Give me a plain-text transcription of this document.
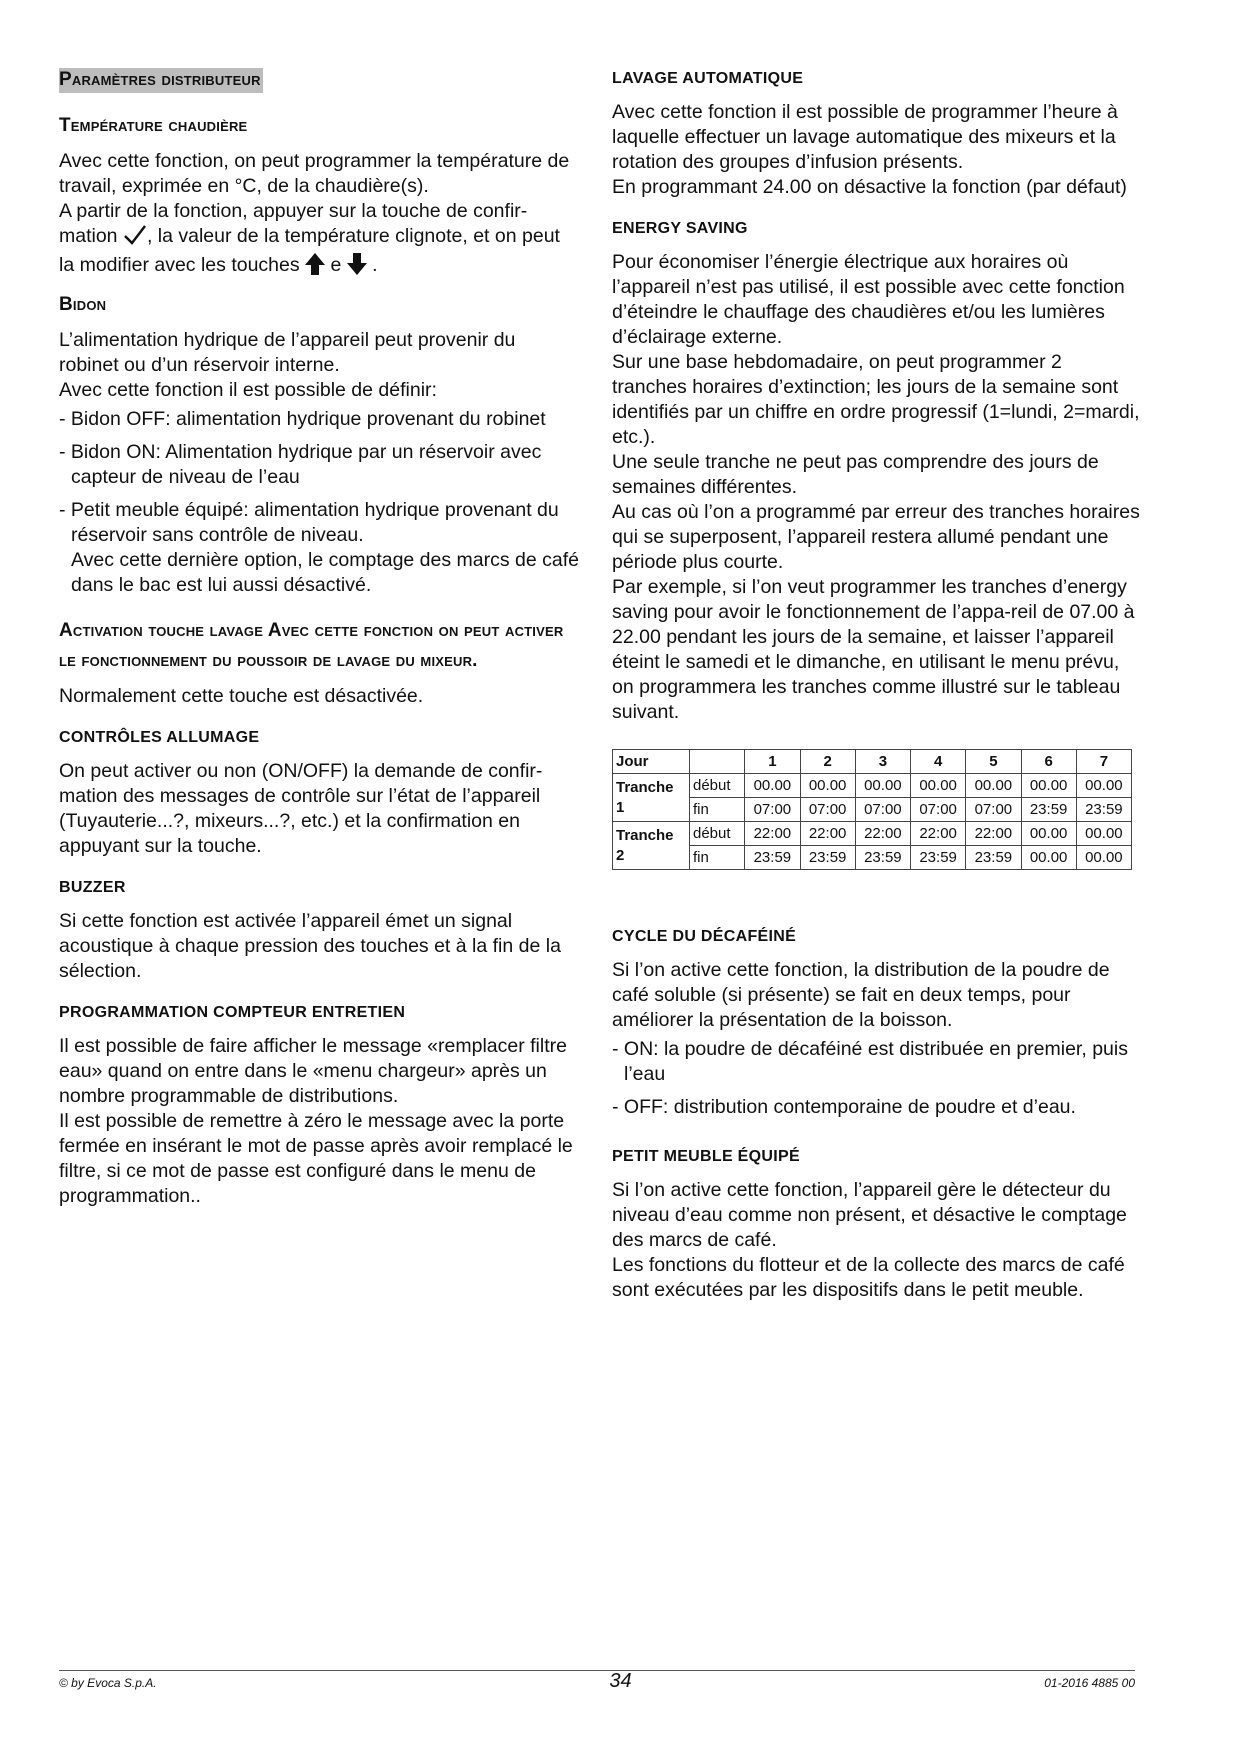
Paramètres distributeur
Température chaudière

Avec cette fonction, on peut programmer la température de travail, exprimée en °C, de la chaudière(s).

A partir de la fonction, appuyer sur la touche de confir-mation , la valeur de la température clignote, et on peut la modifier avec les touches e .

Bidon

L’alimentation hydrique de l’appareil peut provenir du robinet ou d’un réservoir interne.

Avec cette fonction il est possible de définir:

- Bidon OFF: alimentation hydrique provenant du robinet

- Bidon ON: Alimentation hydrique par un réservoir avec capteur de niveau de l’eau

- Petit meuble équipé: alimentation hydrique provenant du réservoir sans contrôle de niveau.

Avec cette dernière option, le comptage des marcs de café dans le bac est lui aussi désactivé.

Activation touche lavage Avec cette fonction on peut activer le fonctionnement du poussoir de lavage du mixeur.

Normalement cette touche est désactivée.

CONTRÔLES ALLUMAGE

On peut activer ou non (ON/OFF) la demande de confir-mation des messages de contrôle sur l’état de l’appareil (Tuyauterie...?, mixeurs...?, etc.) et la confirmation en appuyant sur la touche.

BUZZER

Si cette fonction est activée l’appareil émet un signal acoustique à chaque pression des touches et à la fin de la sélection.

PROGRAMMATION COMPTEUR ENTRETIEN

Il est possible de faire afficher le message «remplacer filtre eau» quand on entre dans le «menu chargeur» après un nombre programmable de distributions.

Il est possible de remettre à zéro le message avec la porte fermée en insérant le mot de passe après avoir remplacé le filtre, si ce mot de passe est configuré dans le menu de programmation..

LAVAGE AUTOMATIQUE

Avec cette fonction il est possible de programmer l’heure à laquelle effectuer un lavage automatique des mixeurs et la rotation des groupes d’infusion présents.

En programmant 24.00 on désactive la fonction (par défaut)

ENERGY SAVING

Pour économiser l’énergie électrique aux horaires où l’appareil n’est pas utilisé, il est possible avec cette fonction d’éteindre le chauffage des chaudières et/ou les lumières d’éclairage externe.

Sur une base hebdomadaire, on peut programmer 2 tranches horaires d’extinction; les jours de la semaine sont identifiés par un chiffre en ordre progressif (1=lundi, 2=mardi, etc.).

Une seule tranche ne peut pas comprendre des jours de semaines différentes.

Au cas où l’on a programmé par erreur des tranches horaires qui se superposent, l’appareil restera allumé pendant une période plus courte.

Par exemple, si l’on veut programmer les tranches d’energy saving pour avoir le fonctionnement de l’appa-reil de 07.00 à 22.00 pendant les jours de la semaine, et laisser l’appareil éteint le samedi et le dimanche, en utilisant le menu prévu, on programmera les tranches comme illustré sur le tableau suivant.

Jour		1	2	3	4	5	6	7
Tranche 1	début	00.00	00.00	00.00	00.00	00.00	00.00	00.00
	fin	07:00	07:00	07:00	07:00	07:00	23:59	23:59
Tranche 2	début	22:00	22:00	22:00	22:00	22:00	00.00	00.00
	fin	23:59	23:59	23:59	23:59	23:59	00.00	00.00
CYCLE DU DÉCAFÉINÉ

Si l’on active cette fonction, la distribution de la poudre de café soluble (si présente) se fait en deux temps, pour améliorer la présentation de la boisson.

- ON: la poudre de décaféiné est distribuée en premier, puis l’eau

- OFF: distribution contemporaine de poudre et d’eau.

PETIT MEUBLE ÉQUIPÉ

Si l’on active cette fonction, l’appareil gère le détecteur du niveau d’eau comme non présent, et désactive le comptage des marcs de café.

Les fonctions du flotteur et de la collecte des marcs de café sont exécutées par les dispositifs dans le petit meuble.

34
© by Evoca S.p.A.	01-2016 4885 00
